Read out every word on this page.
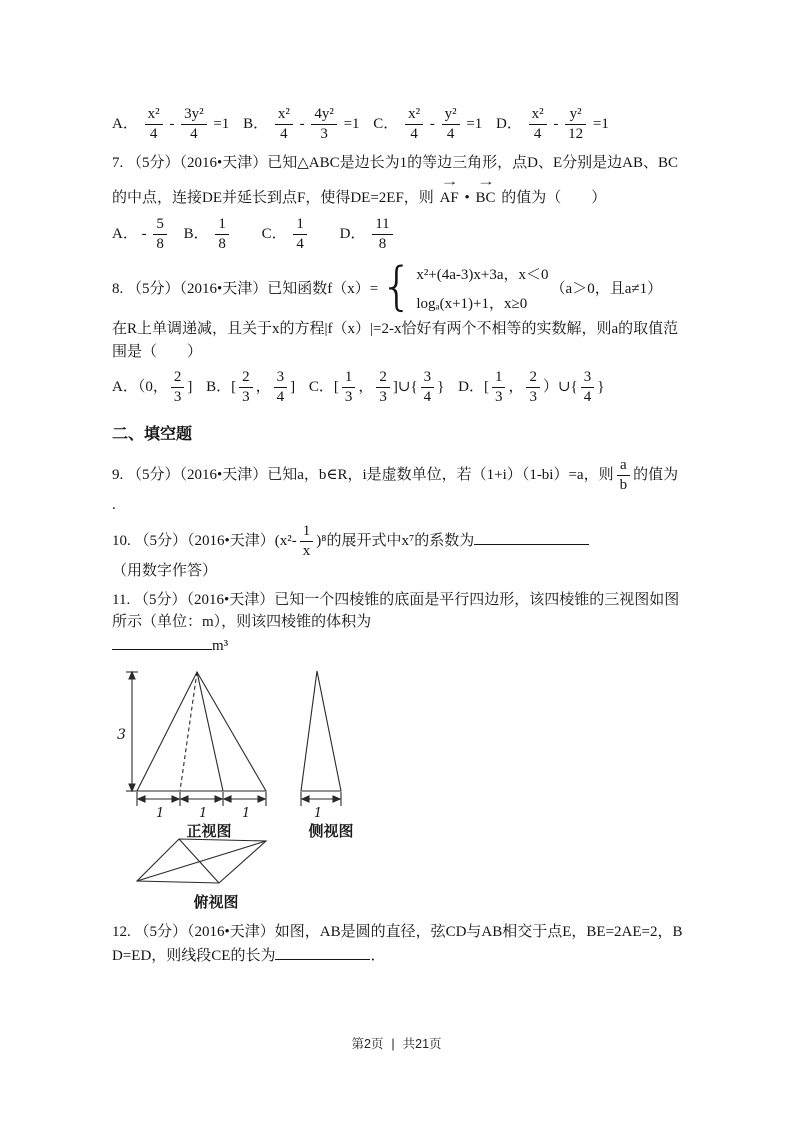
A． $\frac{\text{x²}}{4} - \frac{\text{3y²}}{4} =1$ B． $\frac{\text{x²}}{4} - \frac{\text{4y²}}{3} =1$ C． $\frac{\text{x²}}{4} - \frac{\text{y²}}{4} =1$ D． $\frac{\text{x²}}{4} - \frac{\text{y²}}{12} =1$
7. （5分）（2016•天津）已知△ABC是边长为1的等边三角形，点D、E分别是边AB、BC
的中点，连接DE并延长到点F，使得DE=2EF，则
→
AF •
→
BC 的值为（　　）
A． - $\frac{5}{8}$ B． $\frac{1}{8}$ C． $\frac{1}{4}$ D． $\frac{11}{8}$
8. （5分）（2016•天津）已知函数f（x）= { x²+(4a-3)x+3a，x＜0
logₐ(x+1)+1，x≥0
（a＞0，且a≠1）
在R上单调递减，且关于x的方程|f（x）|=2-x恰好有两个不相等的实数解，则a的取值范
围是（　　）
A．（0， $\frac{2}{3}$ ] B．[ $\frac{2}{3}$ ， $\frac{3}{4}$ ] C．[ $\frac{1}{3}$ ， $\frac{2}{3}$ ]∪{ $\frac{3}{4}$ } D．[ $\frac{1}{3}$ ， $\frac{2}{3}$ ）∪{ $\frac{3}{4}$ }
二、填空题
9. （5分）（2016•天津）已知a，b∈R，i是虚数单位，若（1+i）（1-bi）=a，则 $\frac{a}{b}$ 的值为
.
10. （5分）（2016•天津）$(x^2- \frac{1}{x} )^8$的展开式中x⁷的系数为
（用数字作答）
11. （5分）（2016•天津）已知一个四棱锥的底面是平行四边形，该四棱锥的三视图如图
所示（单位：m），则该四棱锥的体积为
m³
3
1	1	1	1
正视图	侧视图
俯视图
12. （5分）（2016•天津）如图，AB是圆的直径，弦CD与AB相交于点E，BE=2AE=2，B
D=ED，则线段CE的长为	．
第2页 | 共21页
